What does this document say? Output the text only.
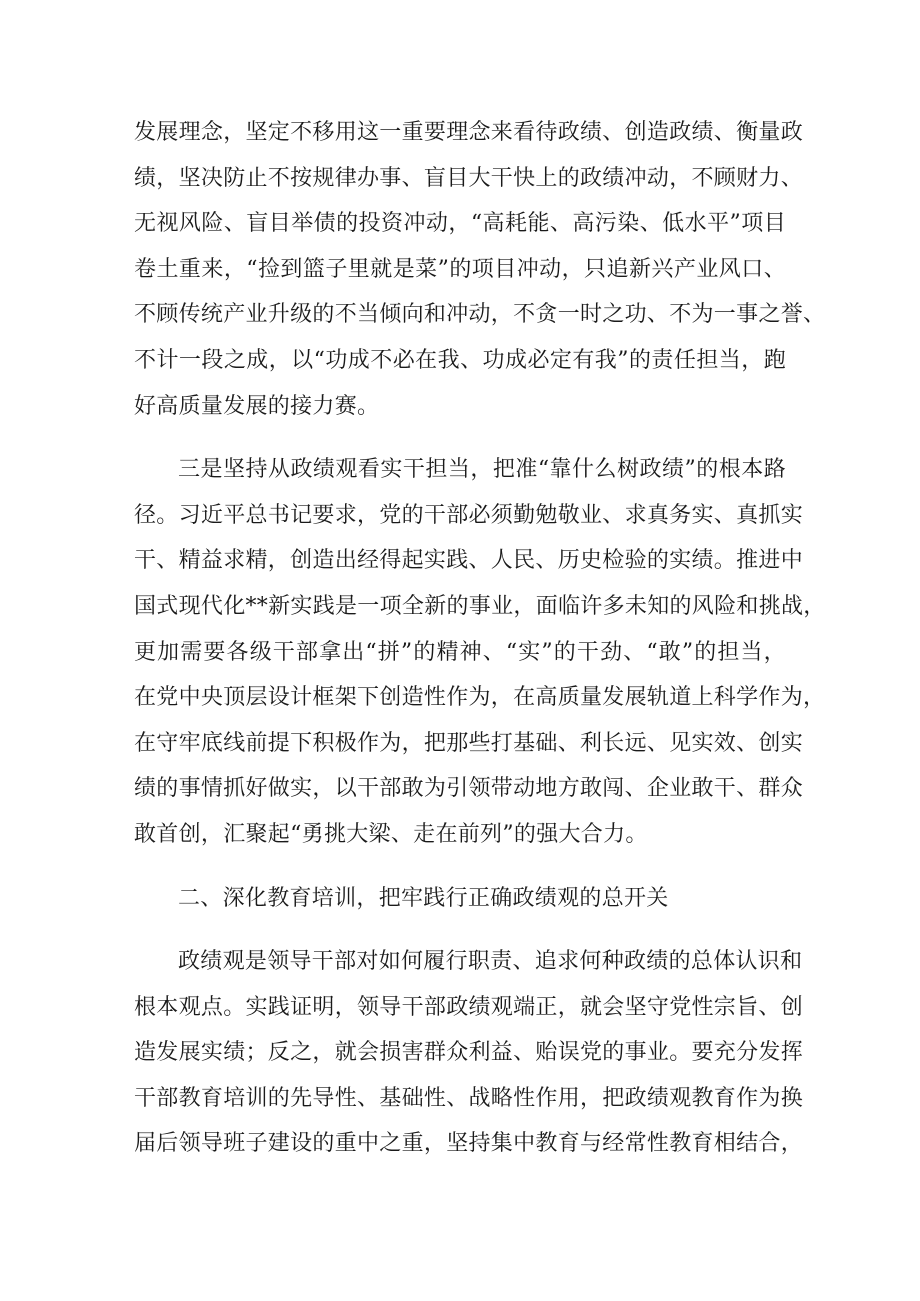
发展理念，坚定不移用这一重要理念来看待政绩、创造政绩、衡量政
绩，坚决防止不按规律办事、盲目大干快上的政绩冲动，不顾财力、
无视风险、盲目举债的投资冲动，“高耗能、高污染、低水平”项目
卷土重来，“捡到篮子里就是菜”的项目冲动，只追新兴产业风口、
不顾传统产业升级的不当倾向和冲动，不贪一时之功、不为一事之誉、
不计一段之成，以“功成不必在我、功成必定有我”的责任担当，跑
好高质量发展的接力赛。

三是坚持从政绩观看实干担当，把准“靠什么树政绩”的根本路
径。习近平总书记要求，党的干部必须勤勉敬业、求真务实、真抓实
干、精益求精，创造出经得起实践、人民、历史检验的实绩。推进中
国式现代化**新实践是一项全新的事业，面临许多未知的风险和挑战，
更加需要各级干部拿出“拼”的精神、“实”的干劲、“敢”的担当，
在党中央顶层设计框架下创造性作为，在高质量发展轨道上科学作为，
在守牢底线前提下积极作为，把那些打基础、利长远、见实效、创实
绩的事情抓好做实，以干部敢为引领带动地方敢闯、企业敢干、群众
敢首创，汇聚起“勇挑大梁、走在前列”的强大合力。

二、深化教育培训，把牢践行正确政绩观的总开关

政绩观是领导干部对如何履行职责、追求何种政绩的总体认识和
根本观点。实践证明，领导干部政绩观端正，就会坚守党性宗旨、创
造发展实绩；反之，就会损害群众利益、贻误党的事业。要充分发挥
干部教育培训的先导性、基础性、战略性作用，把政绩观教育作为换
届后领导班子建设的重中之重，坚持集中教育与经常性教育相结合，
